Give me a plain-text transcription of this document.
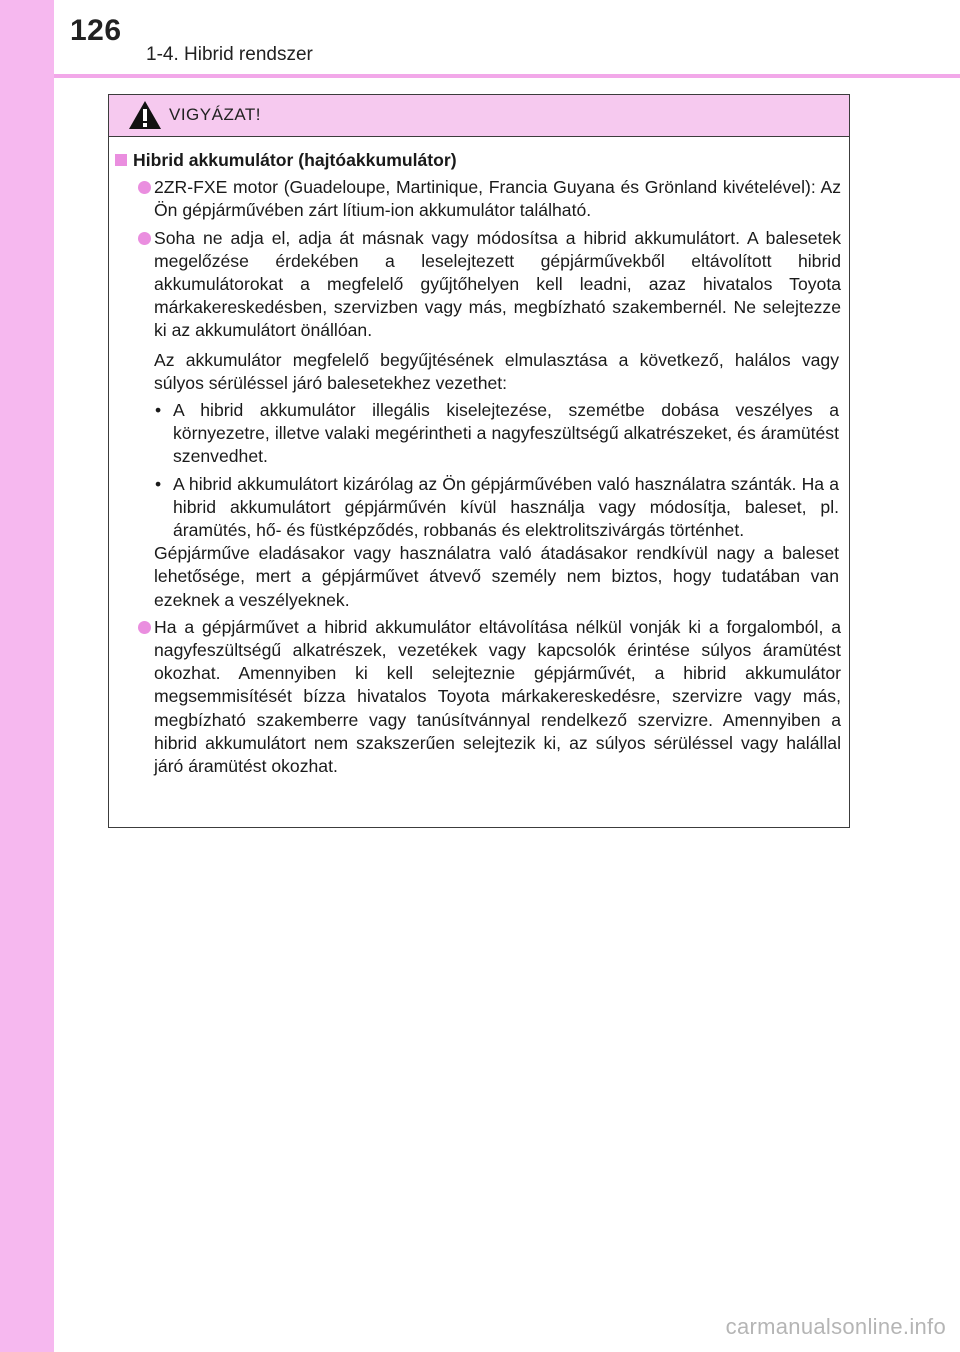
126
1-4. Hibrid rendszer
VIGYÁZAT!
Hibrid akkumulátor (hajtóakkumulátor)
2ZR-FXE motor (Guadeloupe, Martinique, Francia Guyana és Grönland kivételével): Az Ön gépjárművében zárt lítium-ion akkumulátor található.
Soha ne adja el, adja át másnak vagy módosítsa a hibrid akkumulátort. A balesetek megelőzése érdekében a leselejtezett gépjárművekből eltávolított hibrid akkumulátorokat a megfelelő gyűjtőhelyen kell leadni, azaz hivatalos Toyota márkakereskedésben, szervizben vagy más, megbízható szakembernél. Ne selejtezze ki az akkumulátort önállóan.
Az akkumulátor megfelelő begyűjtésének elmulasztása a következő, halálos vagy súlyos sérüléssel járó balesetekhez vezethet:
• A hibrid akkumulátor illegális kiselejtezése, szemétbe dobása veszélyes a környezetre, illetve valaki megérintheti a nagyfeszültségű alkatrészeket, és áramütést szenvedhet.
• A hibrid akkumulátort kizárólag az Ön gépjárművében való használatra szánták. Ha a hibrid akkumulátort gépjárművén kívül használja vagy módosítja, baleset, pl. áramütés, hő- és füstképződés, robbanás és elektrolitszivárgás történhet.
Gépjárműve eladásakor vagy használatra való átadásakor rendkívül nagy a baleset lehetősége, mert a gépjárművet átvevő személy nem biztos, hogy tudatában van ezeknek a veszélyeknek.
Ha a gépjárművet a hibrid akkumulátor eltávolítása nélkül vonják ki a forgalomból, a nagyfeszültségű alkatrészek, vezetékek vagy kapcsolók érintése súlyos áramütést okozhat. Amennyiben ki kell selejteznie gépjárművét, a hibrid akkumulátor megsemmisítését bízza hivatalos Toyota márkakereskedésre, szervizre vagy más, megbízható szakemberre vagy tanúsítvánnyal rendelkező szervizre. Amennyiben a hibrid akkumulátort nem szakszerűen selejtezik ki, az súlyos sérüléssel vagy halállal járó áramütést okozhat.
carmanualsonline.info
